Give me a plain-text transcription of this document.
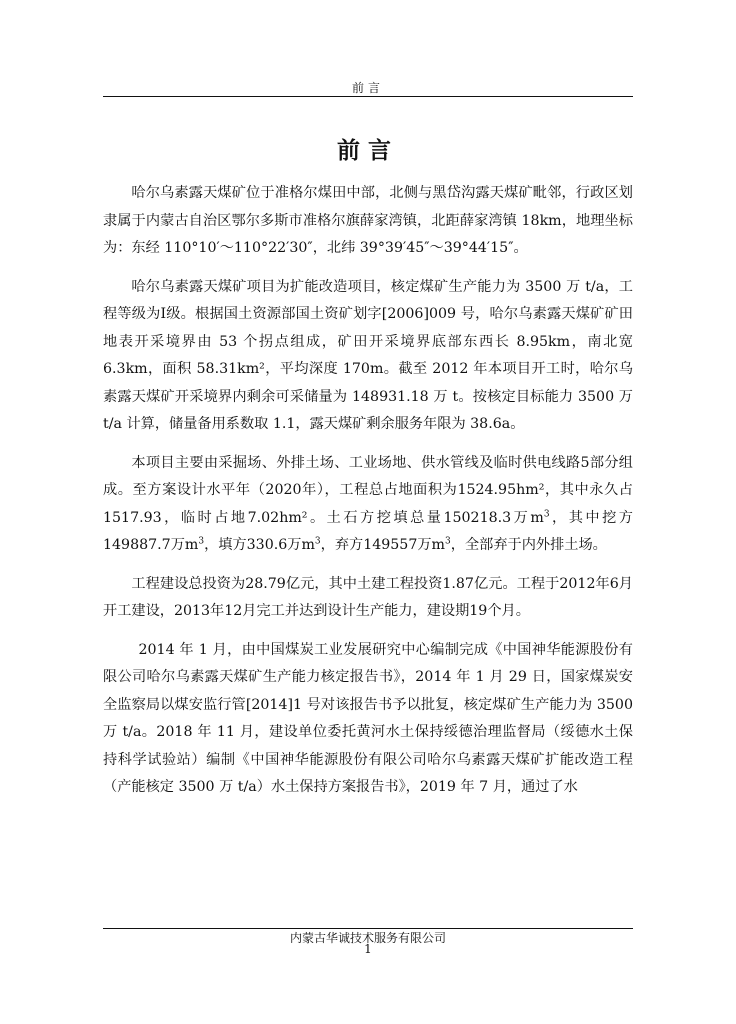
前言
前言

哈尔乌素露天煤矿位于准格尔煤田中部，北侧与黑岱沟露天煤矿毗邻，行政区划隶属于内蒙古自治区鄂尔多斯市准格尔旗薛家湾镇，北距薛家湾镇 18km，地理坐标为：东经 110°10′～110°22′30″，北纬 39°39′45″～39°44′15″。

哈尔乌素露天煤矿项目为扩能改造项目，核定煤矿生产能力为 3500 万 t/a，工程等级为Ⅰ级。根据国土资源部国土资矿划字[2006]009 号，哈尔乌素露天煤矿矿田地表开采境界由 53 个拐点组成，矿田开采境界底部东西长 8.95km，南北宽 6.3km，面积 58.31km²，平均深度 170m。截至 2012 年本项目开工时，哈尔乌素露天煤矿开采境界内剩余可采储量为 148931.18 万 t。按核定目标能力 3500 万 t/a 计算，储量备用系数取 1.1，露天煤矿剩余服务年限为 38.6a。

本项目主要由采掘场、外排土场、工业场地、供水管线及临时供电线路5部分组成。至方案设计水平年（2020年），工程总占地面积为1524.95hm²，其中永久占1517.93，临时占地7.02hm²。土石方挖填总量150218.3万$m^3$，其中挖方149887.7万$m^3$，填方330.6万$m^3$，弃方149557万$m^3$，全部弃于内外排土场。

工程建设总投资为28.79亿元，其中土建工程投资1.87亿元。工程于2012年6月开工建设，2013年12月完工并达到设计生产能力，建设期19个月。

2014 年 1 月，由中国煤炭工业发展研究中心编制完成《中国神华能源股份有限公司哈尔乌素露天煤矿生产能力核定报告书》，2014 年 1 月 29 日，国家煤炭安全监察局以煤安监行管[2014]1 号对该报告书予以批复，核定煤矿生产能力为 3500 万 t/a。2018 年 11 月，建设单位委托黄河水土保持绥德治理监督局（绥德水土保持科学试验站）编制《中国神华能源股份有限公司哈尔乌素露天煤矿扩能改造工程（产能核定 3500 万 t/a）水土保持方案报告书》，2019 年 7 月，通过了水

内蒙古华诚技术服务有限公司
1
